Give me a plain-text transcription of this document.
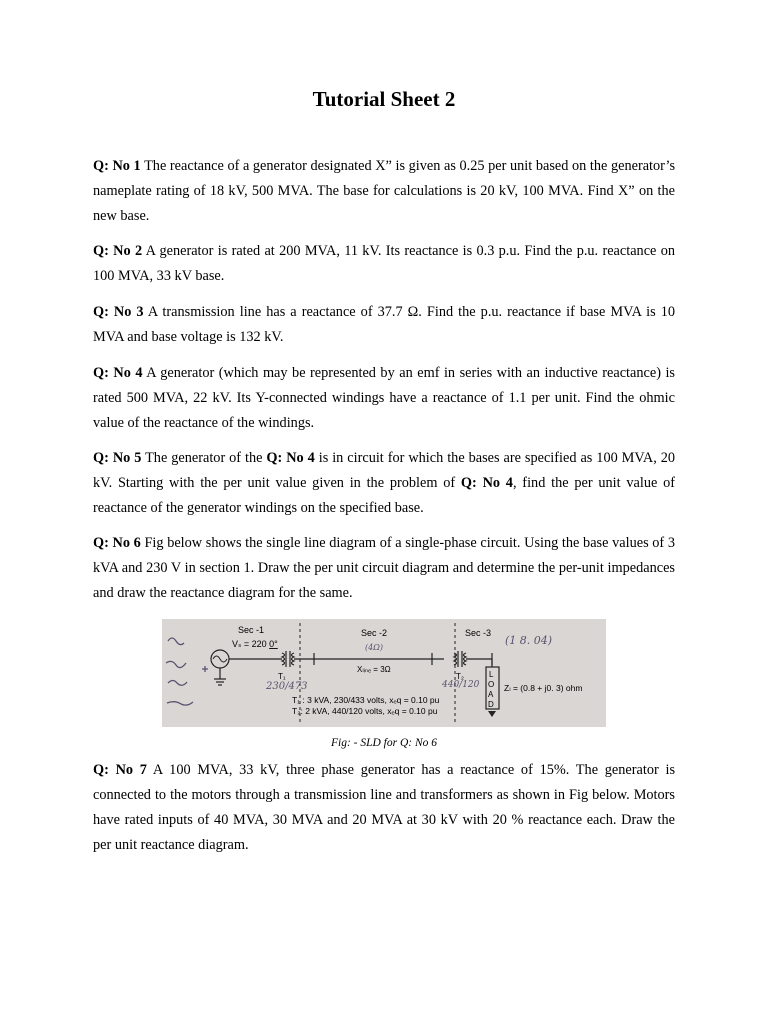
Tutorial Sheet 2

Q: No 1 The reactance of a generator designated X” is given as 0.25 per unit based on the generator’s nameplate rating of 18 kV, 500 MVA. The base for calculations is 20 kV, 100 MVA. Find X” on the new base.

Q: No 2 A generator is rated at 200 MVA, 11 kV. Its reactance is 0.3 p.u. Find the p.u. reactance on 100 MVA, 33 kV base.

Q: No 3 A transmission line has a reactance of 37.7 Ω. Find the p.u. reactance if base MVA is 10 MVA and base voltage is 132 kV.

Q: No 4 A generator (which may be represented by an emf in series with an inductive reactance) is rated 500 MVA, 22 kV. Its Y-connected windings have a reactance of 1.1 per unit. Find the ohmic value of the reactance of the windings.

Q: No 5 The generator of the Q: No 4 is in circuit for which the bases are specified as 100 MVA, 20 kV. Starting with the per unit value given in the problem of Q: No 4, find the per unit value of reactance of the generator windings on the specified base.

Q: No 6 Fig below shows the single line diagram of a single-phase circuit. Using the base values of 3 kVA and 230 V in section 1. Draw the per unit circuit diagram and determine the per-unit impedances and draw the reactance diagram for the same.

Sec -1	Sec -2	Sec -3
(4Ω)
(1 8. 04)
Vₛ = 220 0°
T₁
230/473
Xₗᵢₙₑ = 3Ω
T₂
440/120
L
O
A
D
Zₗ = (0.8 + j0. 3) ohm
T₁ : 3 kVA, 230/433 volts, xₑq = 0.10 pu
T₂: 2 kVA, 440/120 volts, xₑq = 0.10 pu
Fig: - SLD for Q: No 6

Q: No 7 A 100 MVA, 33 kV, three phase generator has a reactance of 15%. The generator is connected to the motors through a transmission line and transformers as shown in Fig below. Motors have rated inputs of 40 MVA, 30 MVA and 20 MVA at 30 kV with 20 % reactance each. Draw the per unit reactance diagram.
